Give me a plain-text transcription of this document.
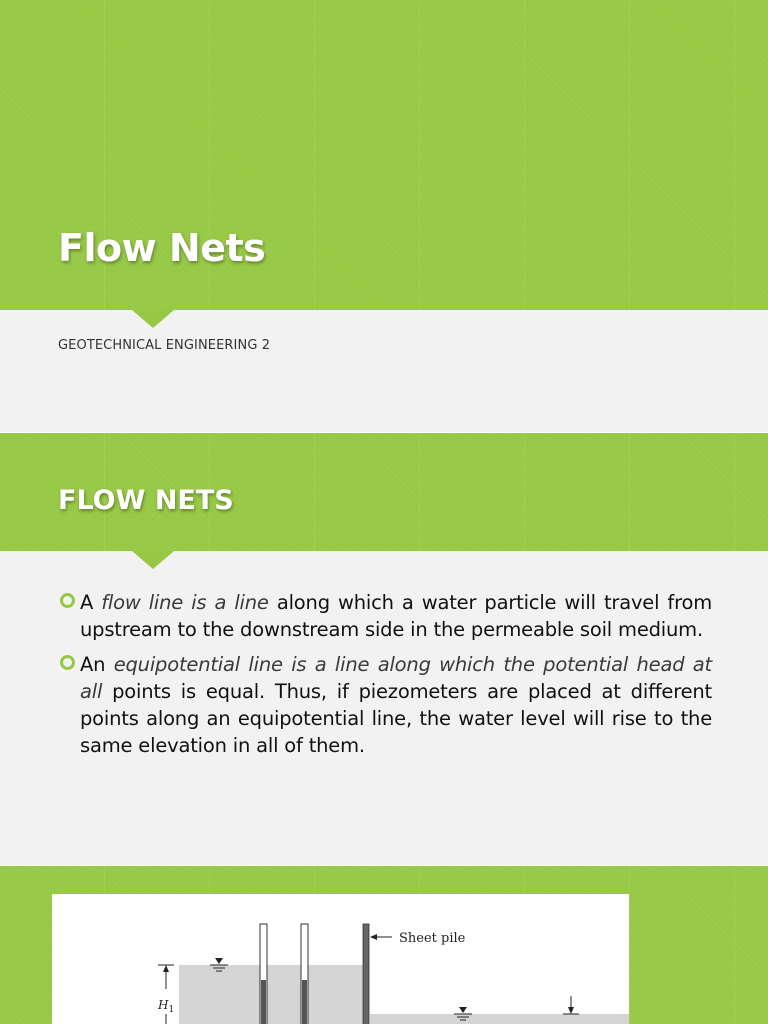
Flow Nets
GEOTECHNICAL ENGINEERING 2
FLOW NETS

A flow line is a line along which a water particle will travel from upstream to the downstream side in the permeable soil medium.

An equipotential line is a line along which the potential head at all points is equal. Thus, if piezometers are placed at different points along an equipotential line, the water level will rise to the same elevation in all of them.

Sheet pile
$H_1$
